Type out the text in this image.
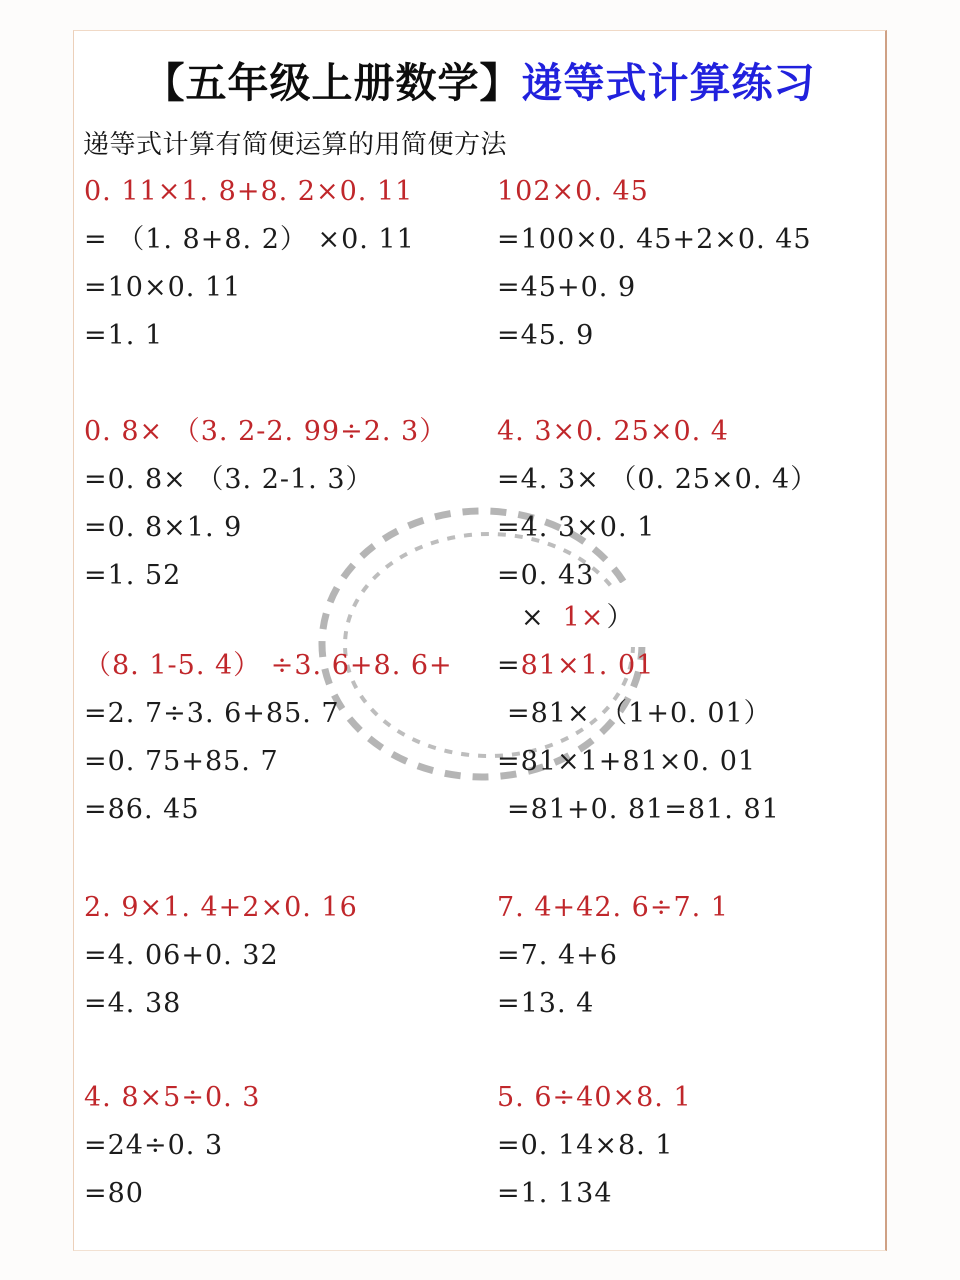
【五年级上册数学】递等式计算练习
递等式计算有简便运算的用简便方法
0. 11×1. 8+8. 2×0. 11
= （1. 8+8. 2） ×0. 11
=10×0. 11
=1. 1
102×0. 45
=100×0. 45+2×0. 45
=45+0. 9
=45. 9
0. 8× （3. 2-2. 99÷2. 3）
=0. 8× （3. 2-1. 3）
=0. 8×1. 9
=1. 52
4. 3×0. 25×0. 4
=4. 3× （0. 25×0. 4）
=4. 3×0. 1
=0. 43
（8. 1-5. 4） ÷3. 6+8. 6+
=2. 7÷3. 6+85. 7
=0. 75+85. 7
=86. 45
× 1×）
=81×1. 01
=81× （1+0. 01）
=81×1+81×0. 01
=81+0. 81=81. 81
2. 9×1. 4+2×0. 16
=4. 06+0. 32
=4. 38
7. 4+42. 6÷7. 1
=7. 4+6
=13. 4
4. 8×5÷0. 3
=24÷0. 3
=80
5. 6÷40×8. 1
=0. 14×8. 1
=1. 134
